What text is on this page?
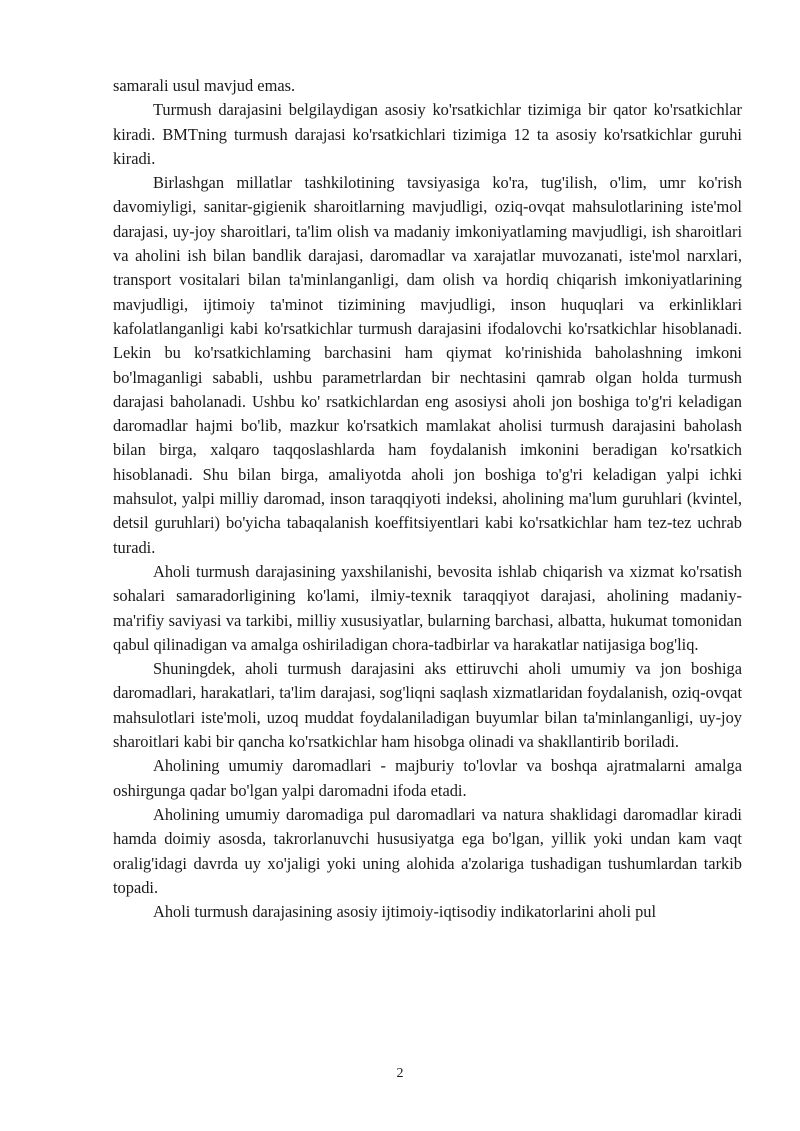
samarali usul mavjud emas.

Turmush darajasini belgilaydigan asosiy ko'rsatkichlar tizimiga bir qator ko'rsatkichlar kiradi. BMTning turmush darajasi ko'rsatkichlari tizimiga 12 ta asosiy ko'rsatkichlar guruhi kiradi.

Birlashgan millatlar tashkilotining tavsiyasiga ko'ra, tug'ilish, o'lim, umr ko'rish davomiyligi, sanitar-gigienik sharoitlarning mavjudligi, oziq-ovqat mahsulotlarining iste'mol darajasi, uy-joy sharoitlari, ta'lim olish va madaniy imkoniyatlaming mavjudligi, ish sharoitlari va aholini ish bilan bandlik darajasi, daromadlar va xarajatlar muvozanati, iste'mol narxlari, transport vositalari bilan ta'minlanganligi, dam olish va hordiq chiqarish imkoniyatlarining mavjudligi, ijtimoiy ta'minot tizimining mavjudligi, inson huquqlari va erkinliklari kafolatlanganligi kabi ko'rsatkichlar turmush darajasini ifodalovchi ko'rsatkichlar hisoblanadi. Lekin bu ko'rsatkichlaming barchasini ham qiymat ko'rinishida baholashning imkoni bo'lmaganligi sababli, ushbu parametrlardan bir nechtasini qamrab olgan holda turmush darajasi baholanadi. Ushbu ko' rsatkichlardan eng asosiysi aholi jon boshiga to'g'ri keladigan daromadlar hajmi bo'lib, mazkur ko'rsatkich mamlakat aholisi turmush darajasini baholash bilan birga, xalqaro taqqoslashlarda ham foydalanish imkonini beradigan ko'rsatkich hisoblanadi. Shu bilan birga, amaliyotda aholi jon boshiga to'g'ri keladigan yalpi ichki mahsulot, yalpi milliy daromad, inson taraqqiyoti indeksi, aholining ma'lum guruhlari (kvintel, detsil guruhlari) bo'yicha tabaqalanish koeffitsiyentlari kabi ko'rsatkichlar ham tez-tez uchrab turadi.

Aholi turmush darajasining yaxshilanishi, bevosita ishlab chiqarish va xizmat ko'rsatish sohalari samaradorligining ko'lami, ilmiy-texnik taraqqiyot darajasi, aholining madaniy-ma'rifiy saviyasi va tarkibi, milliy xususiyatlar, bularning barchasi, albatta, hukumat tomonidan qabul qilinadigan va amalga oshiriladigan chora-tadbirlar va harakatlar natijasiga bog'liq.

Shuningdek, aholi turmush darajasini aks ettiruvchi aholi umumiy va jon boshiga daromadlari, harakatlari, ta'lim darajasi, sog'liqni saqlash xizmatlaridan foydalanish, oziq-ovqat mahsulotlari iste'moli, uzoq muddat foydalaniladigan buyumlar bilan ta'minlanganligi, uy-joy sharoitlari kabi bir qancha ko'rsatkichlar ham hisobga olinadi va shakllantirib boriladi.

Aholining umumiy daromadlari - majburiy to'lovlar va boshqa ajratmalarni amalga oshirgunga qadar bo'lgan yalpi daromadni ifoda etadi.

Aholining umumiy daromadiga pul daromadlari va natura shaklidagi daromadlar kiradi hamda doimiy asosda, takrorlanuvchi hususiyatga ega bo'lgan, yillik yoki undan kam vaqt oralig'idagi davrda uy xo'jaligi yoki uning alohida a'zolariga tushadigan tushumlardan tarkib topadi.

Aholi turmush darajasining asosiy ijtimoiy-iqtisodiy indikatorlarini aholi pul

2
